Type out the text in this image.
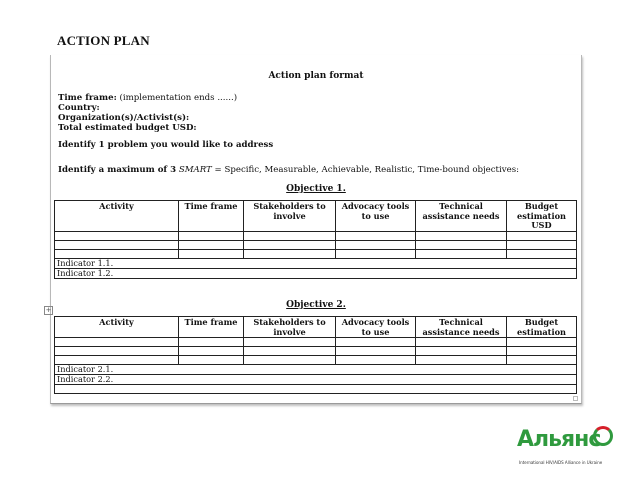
ACTION PLAN
Action plan format
Time frame: (implementation ends ......)
Country:
Organization(s)/Activist(s):
Total estimated budget USD:
Identify 1 problem you would like to address
Identify a maximum of 3 SMART = Specific, Measurable, Achievable, Realistic, Time-bound objectives:
Objective 1.
Activity	Time frame	Stakeholders to involve	Advocacy tools to use	Technical assistance needs	Budget estimation USD

Indicator 1.1.					
Indicator 1.2.					
+	Objective 2.
Activity	Time frame	Stakeholders to involve	Advocacy tools to use	Technical assistance needs	Budget estimation

Indicator 2.1.					
Indicator 2.2.					

Альянс
International HIV/AIDS Alliance in Ukraine
